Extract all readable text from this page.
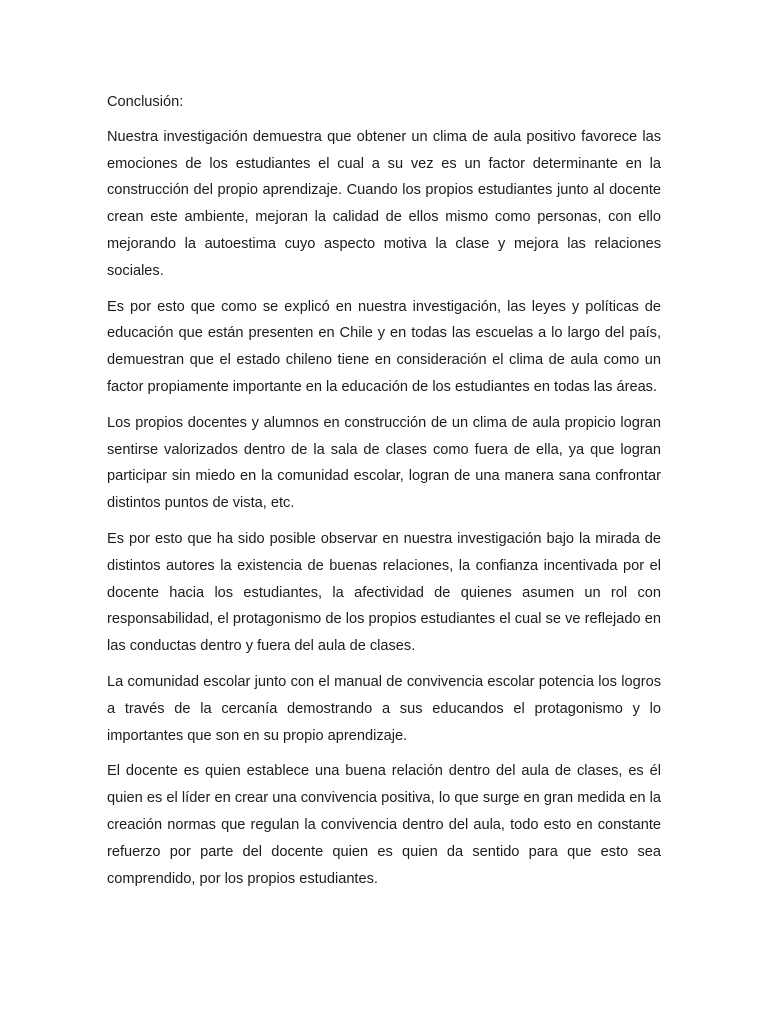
Conclusión:

Nuestra investigación demuestra que obtener un clima de aula positivo favorece las emociones de los estudiantes el cual a su vez es un factor determinante en la construcción del propio aprendizaje. Cuando los propios estudiantes junto al docente crean este ambiente, mejoran la calidad de ellos mismo como personas, con ello mejorando la autoestima cuyo aspecto motiva la clase y mejora las relaciones sociales.

Es por esto que como se explicó en nuestra investigación, las leyes y políticas de educación que están presenten en Chile y en todas las escuelas a lo largo del país, demuestran que el estado chileno tiene en consideración el clima de aula como un factor propiamente importante en la educación de los estudiantes en todas las áreas.

Los propios docentes y alumnos en construcción de un clima de aula propicio logran sentirse valorizados dentro de la sala de clases como fuera de ella, ya que logran participar sin miedo en la comunidad escolar, logran de una manera sana confrontar distintos puntos de vista, etc.

Es por esto que ha sido posible observar en nuestra investigación bajo la mirada de distintos autores la existencia de buenas relaciones, la confianza incentivada por el docente hacia los estudiantes, la afectividad de quienes asumen un rol con responsabilidad, el protagonismo de los propios estudiantes el cual se ve reflejado en las conductas dentro y fuera del aula de clases.

La comunidad escolar junto con el manual de convivencia escolar potencia los logros a través de la cercanía demostrando a sus educandos el protagonismo y lo importantes que son en su propio aprendizaje.

El docente es quien establece una buena relación dentro del aula de clases, es él quien es el líder en crear una convivencia positiva, lo que surge en gran medida en la creación normas que regulan la convivencia dentro del aula, todo esto en constante refuerzo por parte del docente quien es quien da sentido para que esto sea comprendido, por los propios estudiantes.
